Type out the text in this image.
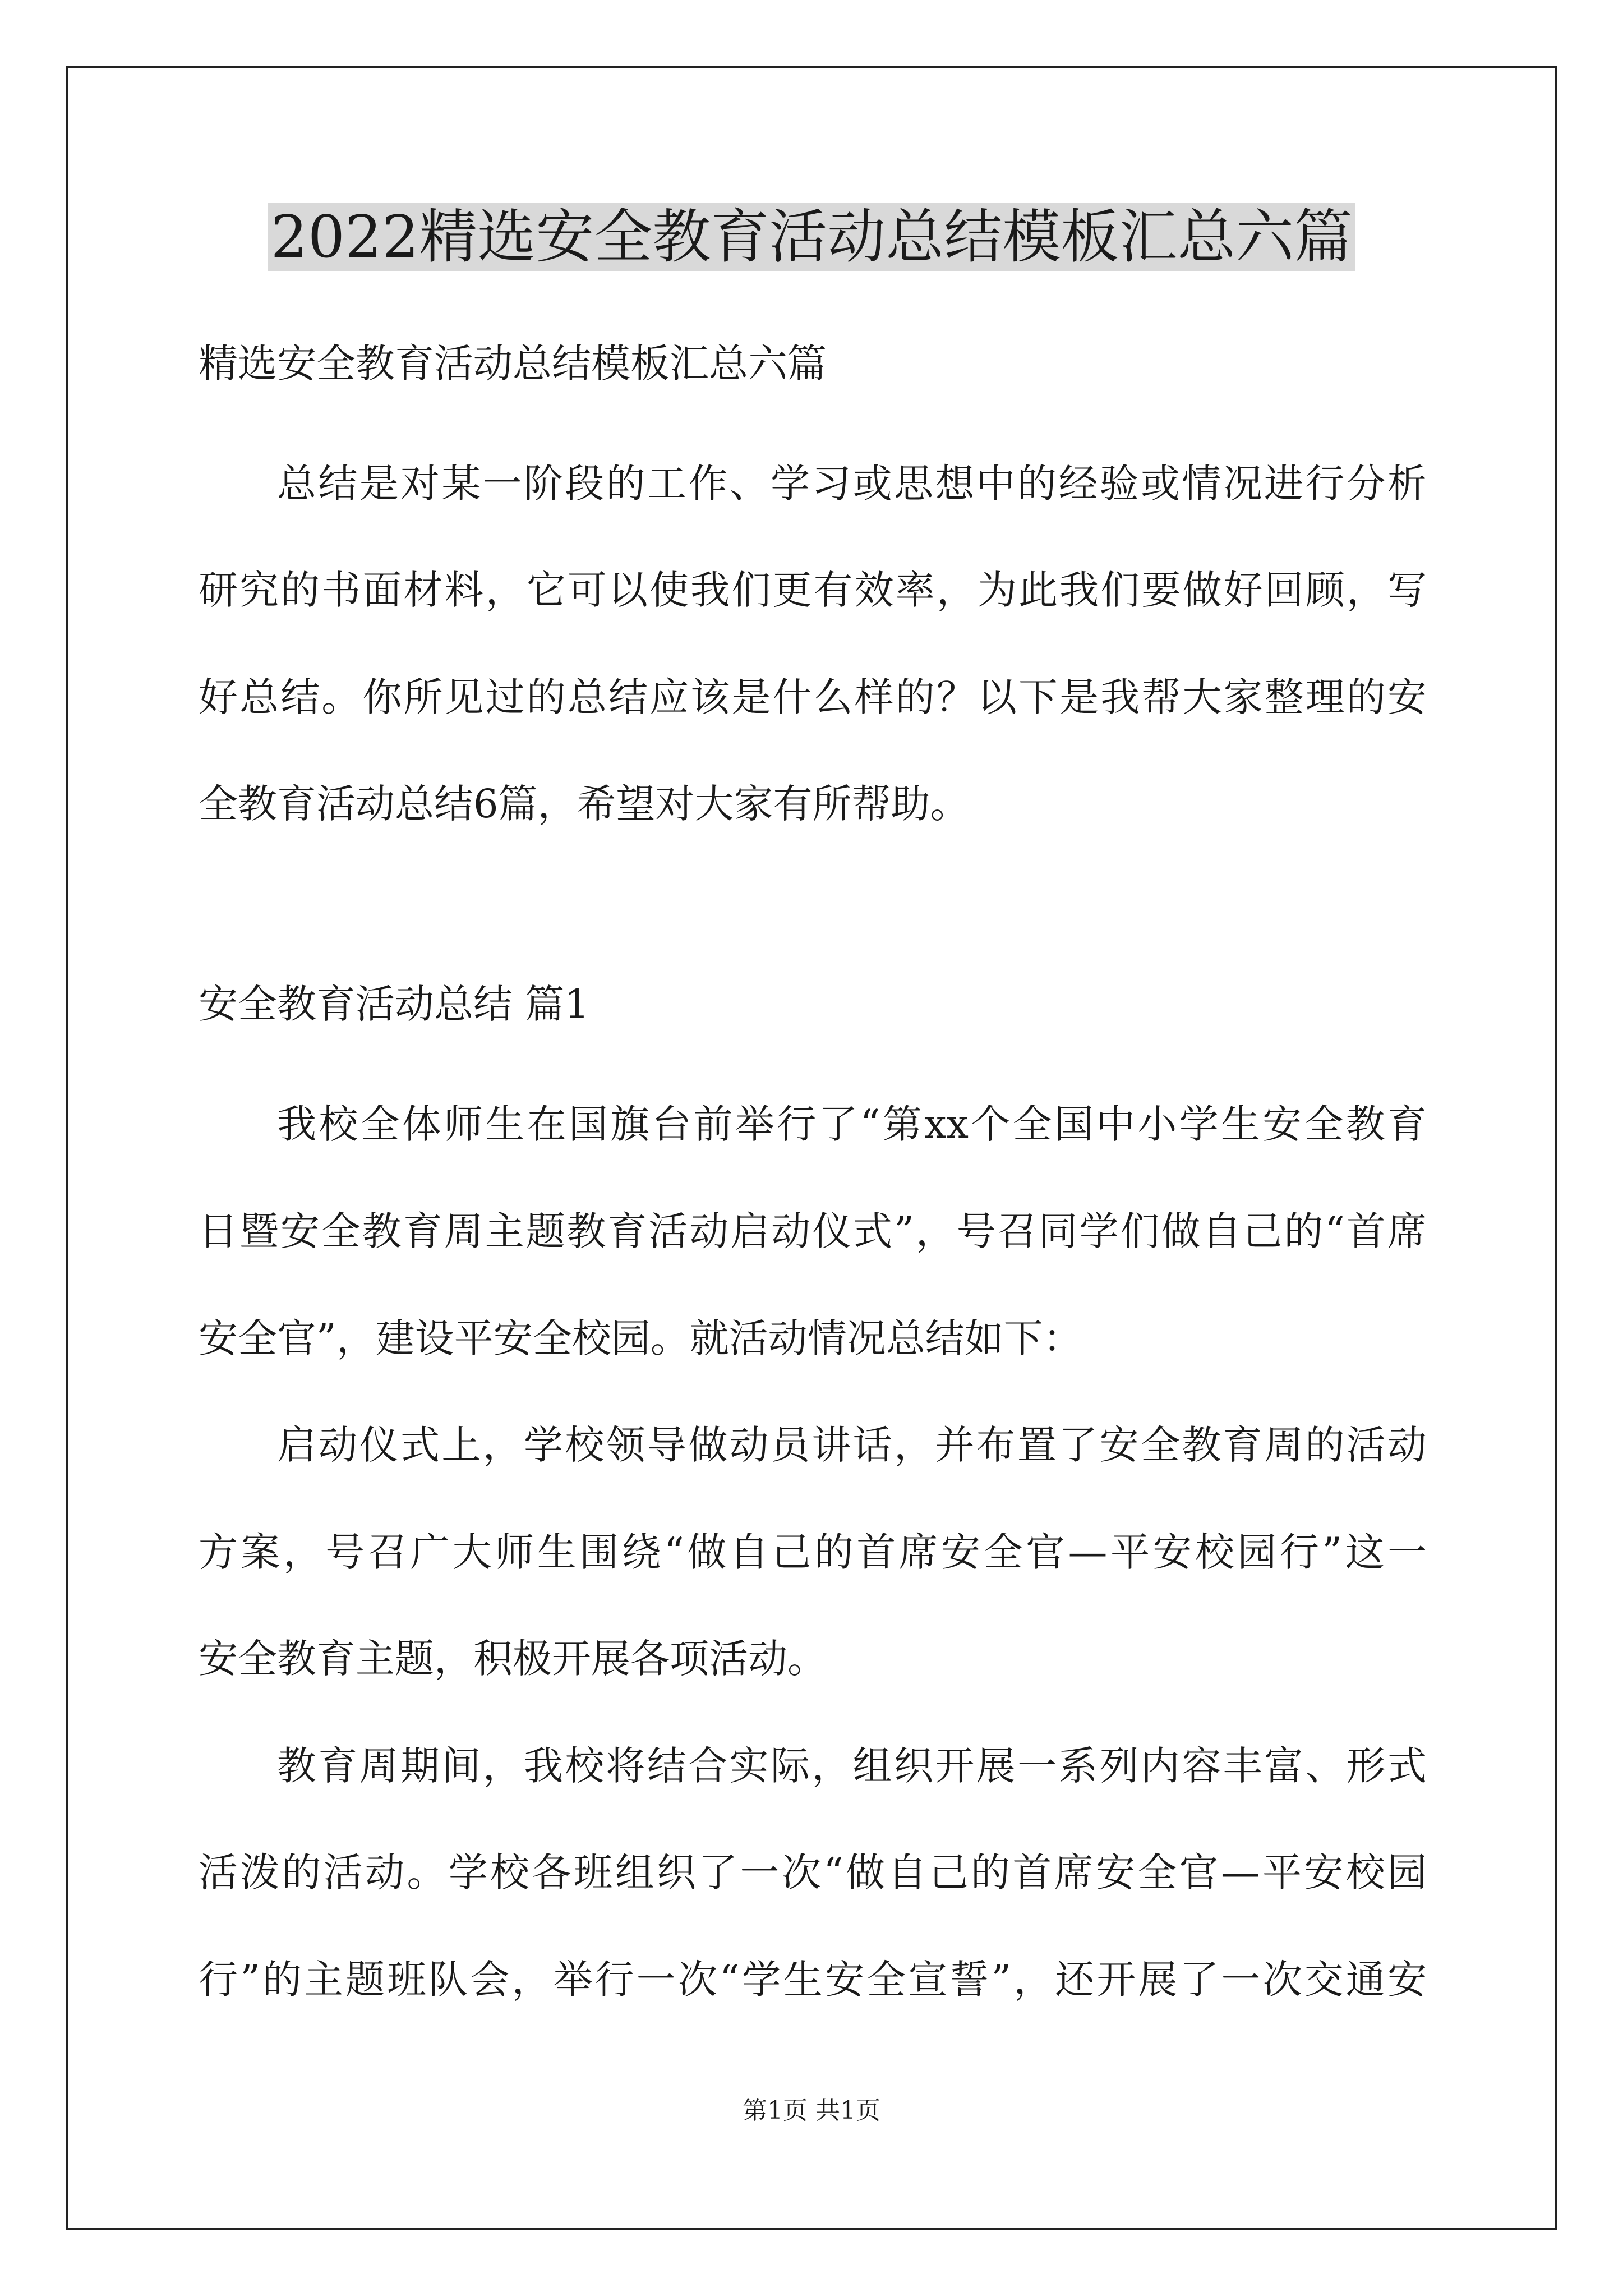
2022精选安全教育活动总结模板汇总六篇
精选安全教育活动总结模板汇总六篇
总结是对某一阶段的工作、学习或思想中的经验或情况进行分析
研究的书面材料，它可以使我们更有效率，为此我们要做好回顾，写
好总结。你所见过的总结应该是什么样的？以下是我帮大家整理的安
全教育活动总结6篇，希望对大家有所帮助。
安全教育活动总结 篇1
我校全体师生在国旗台前举行了“第xx个全国中小学生安全教育
日暨安全教育周主题教育活动启动仪式”，号召同学们做自己的“首席
安全官”，建设平安全校园。就活动情况总结如下：
启动仪式上，学校领导做动员讲话，并布置了安全教育周的活动
方案，号召广大师生围绕“做自己的首席安全官—平安校园行”这一
安全教育主题，积极开展各项活动。
教育周期间，我校将结合实际，组织开展一系列内容丰富、形式
活泼的活动。学校各班组织了一次“做自己的首席安全官—平安校园
行”的主题班队会，举行一次“学生安全宣誓”，还开展了一次交通安
第1页 共1页
